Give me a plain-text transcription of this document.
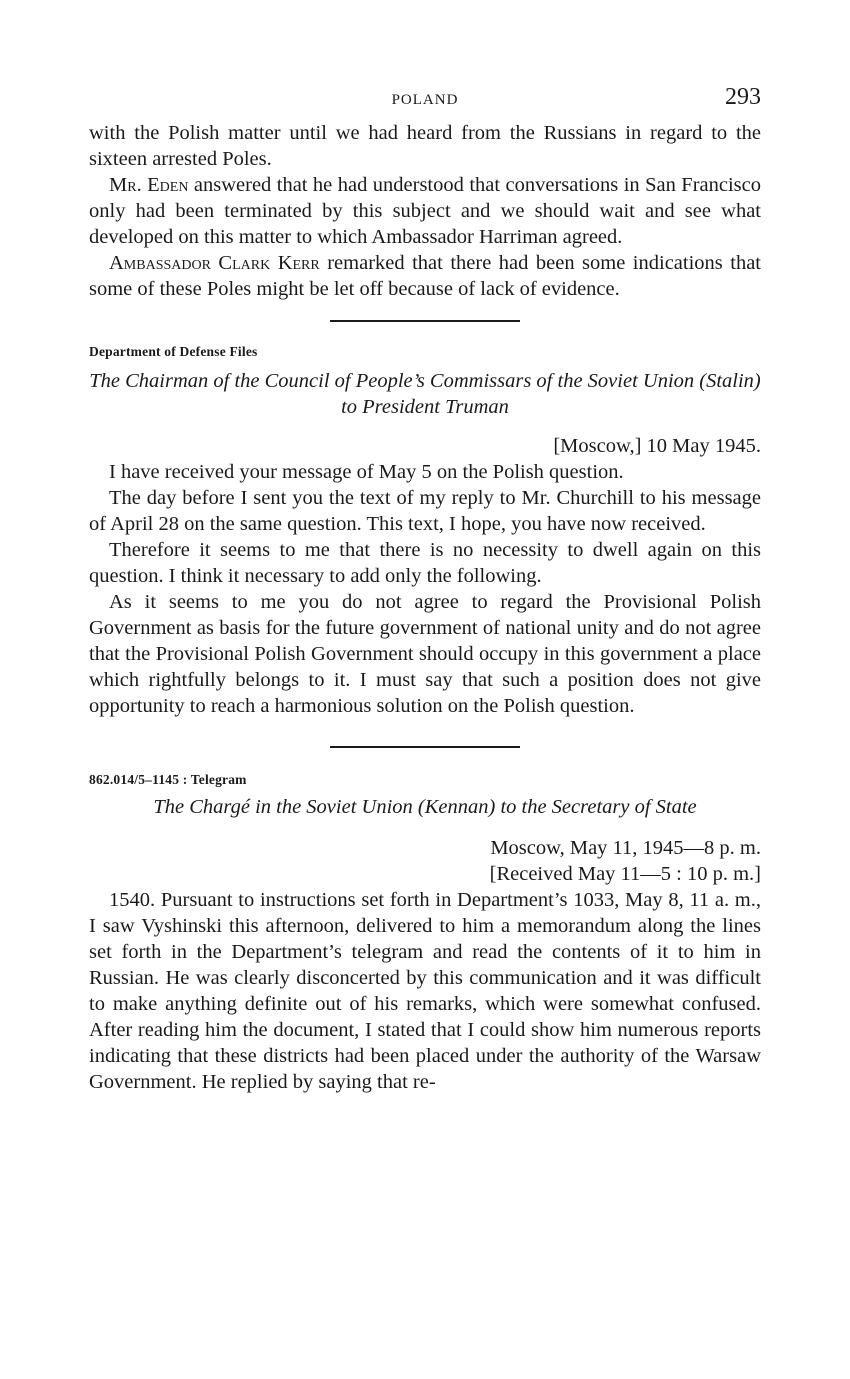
POLAND	293

with the Polish matter until we had heard from the Russians in regard to the sixteen arrested Poles.

Mr. Eden answered that he had understood that conversations in San Francisco only had been terminated by this subject and we should wait and see what developed on this matter to which Ambassador Harriman agreed.

Ambassador Clark Kerr remarked that there had been some indications that some of these Poles might be let off because of lack of evidence.

Department of Defense Files
The Chairman of the Council of People’s Commissars of the Soviet Union (Stalin) to President Truman
[Moscow,] 10 May 1945.

I have received your message of May 5 on the Polish question.

The day before I sent you the text of my reply to Mr. Churchill to his message of April 28 on the same question. This text, I hope, you have now received.

Therefore it seems to me that there is no necessity to dwell again on this question. I think it necessary to add only the following.

As it seems to me you do not agree to regard the Provisional Polish Government as basis for the future government of national unity and do not agree that the Provisional Polish Government should occupy in this government a place which rightfully belongs to it. I must say that such a position does not give opportunity to reach a harmonious solution on the Polish question.

862.014/5–1145 : Telegram
The Chargé in the Soviet Union (Kennan) to the Secretary of State
Moscow, May 11, 1945—8 p. m.
[Received May 11—5 : 10 p. m.]

1540. Pursuant to instructions set forth in Department’s 1033, May 8, 11 a. m., I saw Vyshinski this afternoon, delivered to him a memorandum along the lines set forth in the Department’s telegram and read the contents of it to him in Russian. He was clearly disconcerted by this communication and it was difficult to make anything definite out of his remarks, which were somewhat confused. After reading him the document, I stated that I could show him numerous reports indicating that these districts had been placed under the authority of the Warsaw Government. He replied by saying that re-
